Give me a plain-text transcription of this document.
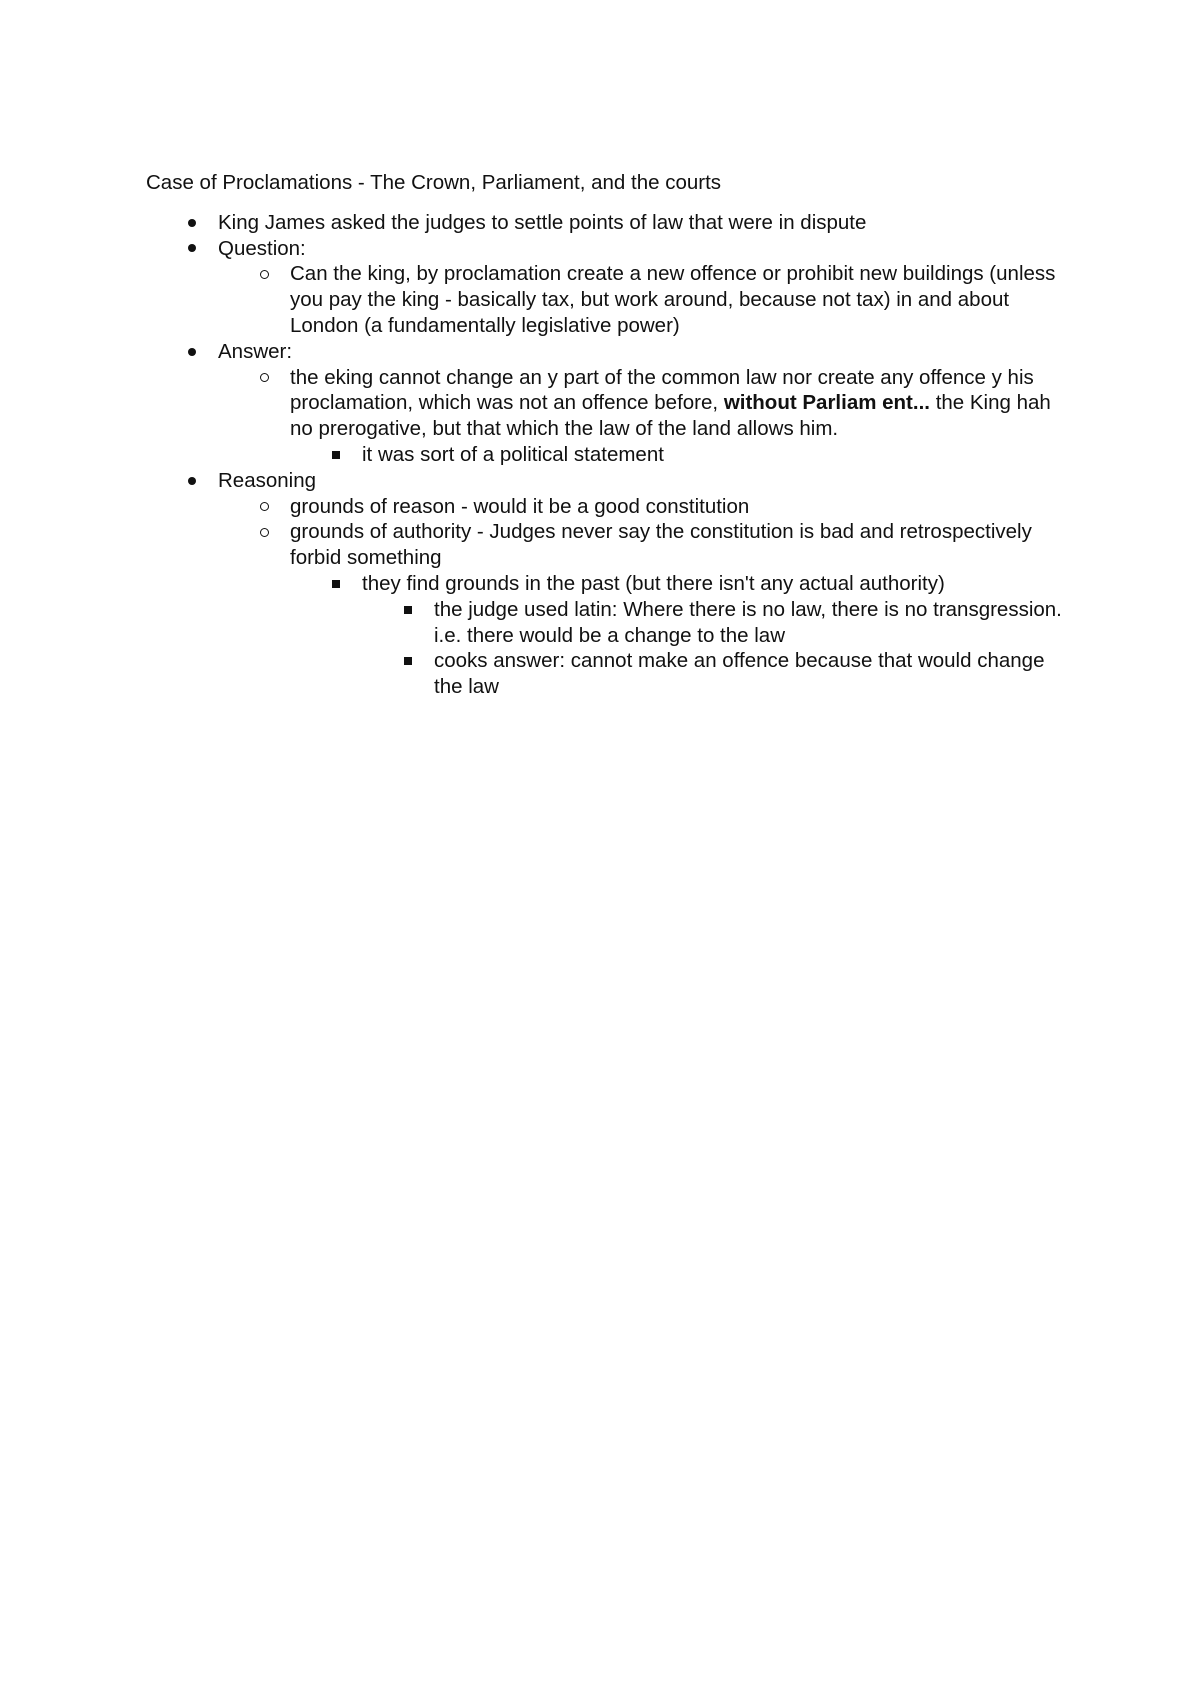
Case of Proclamations - The Crown, Parliament, and the courts
King James asked the judges to settle points of law that were in dispute
Question:
Can the king, by proclamation create a new offence or prohibit new buildings (unless you pay the king - basically tax, but work around, because not tax) in and about London (a fundamentally legislative power)
Answer:
the eking cannot change an y part of the common law nor create any offence y his proclamation, which was not an offence before, without Parliam ent... the King hah no prerogative, but that which the law of the land allows him.
it was sort of a political statement
Reasoning
grounds of reason - would it be a good constitution
grounds of authority - Judges never say the constitution is bad and retrospectively forbid something
they find grounds in the past (but there isn't any actual authority)
the judge used latin: Where there is no law, there is no transgression. i.e. there would be a change to the law
cooks answer: cannot make an offence because that would change the law
